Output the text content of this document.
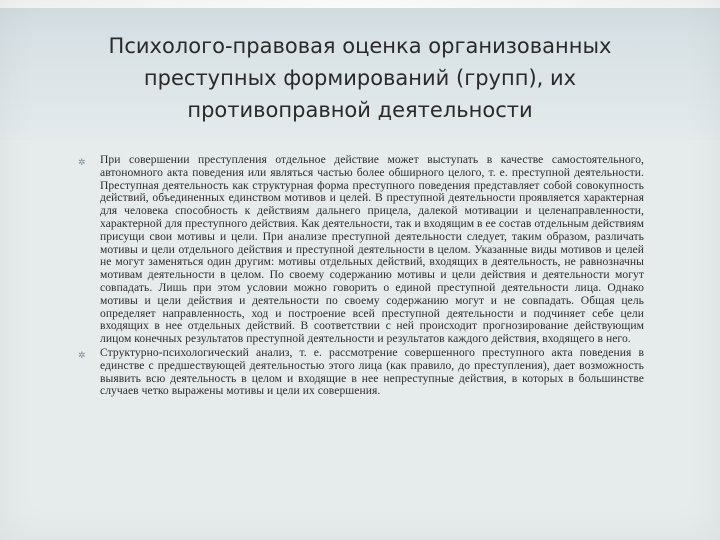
Психолого-правовая оценка организованных
преступных формирований (групп), их
противоправной деятельности
✲ При совершении преступления отдельное действие может выступать в качестве самостоятельного, автономного акта поведения или являться частью более обширного целого, т. е. преступной деятельности. Преступная деятельность как структурная форма преступного поведения представляет собой совокупность действий, объединенных единством мотивов и целей. В преступной деятельности проявляется характерная для человека способность к действиям дальнего прицела, далекой мотивации и целенаправленности, характерной для преступного действия. Как деятельности, так и входящим в ее состав отдельным действиям присущи свои мотивы и цели. При анализе преступной деятельности следует, таким образом, различать мотивы и цели отдельного действия и преступной деятельности в целом. Указанные виды мотивов и целей не могут заменяться один другим: мотивы отдельных действий, входящих в деятельность, не равнозначны мотивам деятельности в целом. По своему содержанию мотивы и цели действия и деятельности могут совпадать. Лишь при этом условии можно говорить о единой преступной деятельности лица. Однако мотивы и цели действия и деятельности по своему содержанию могут и не совпадать. Общая цель определяет направленность, ход и построение всей преступной деятельности и подчиняет себе цели входящих в нее отдельных действий. В соответствии с ней происходит прогнозирование действующим лицом конечных результатов преступной деятельности и результатов каждого действия, входящего в него.

✲ Структурно-психологический анализ, т. е. рассмотрение совершенного преступного акта поведения в единстве с предшествующей деятельностью этого лица (как правило, до преступления), дает возможность выявить всю деятельность в целом и входящие в нее непреступные действия, в которых в большинстве случаев четко выражены мотивы и цели их совершения.
